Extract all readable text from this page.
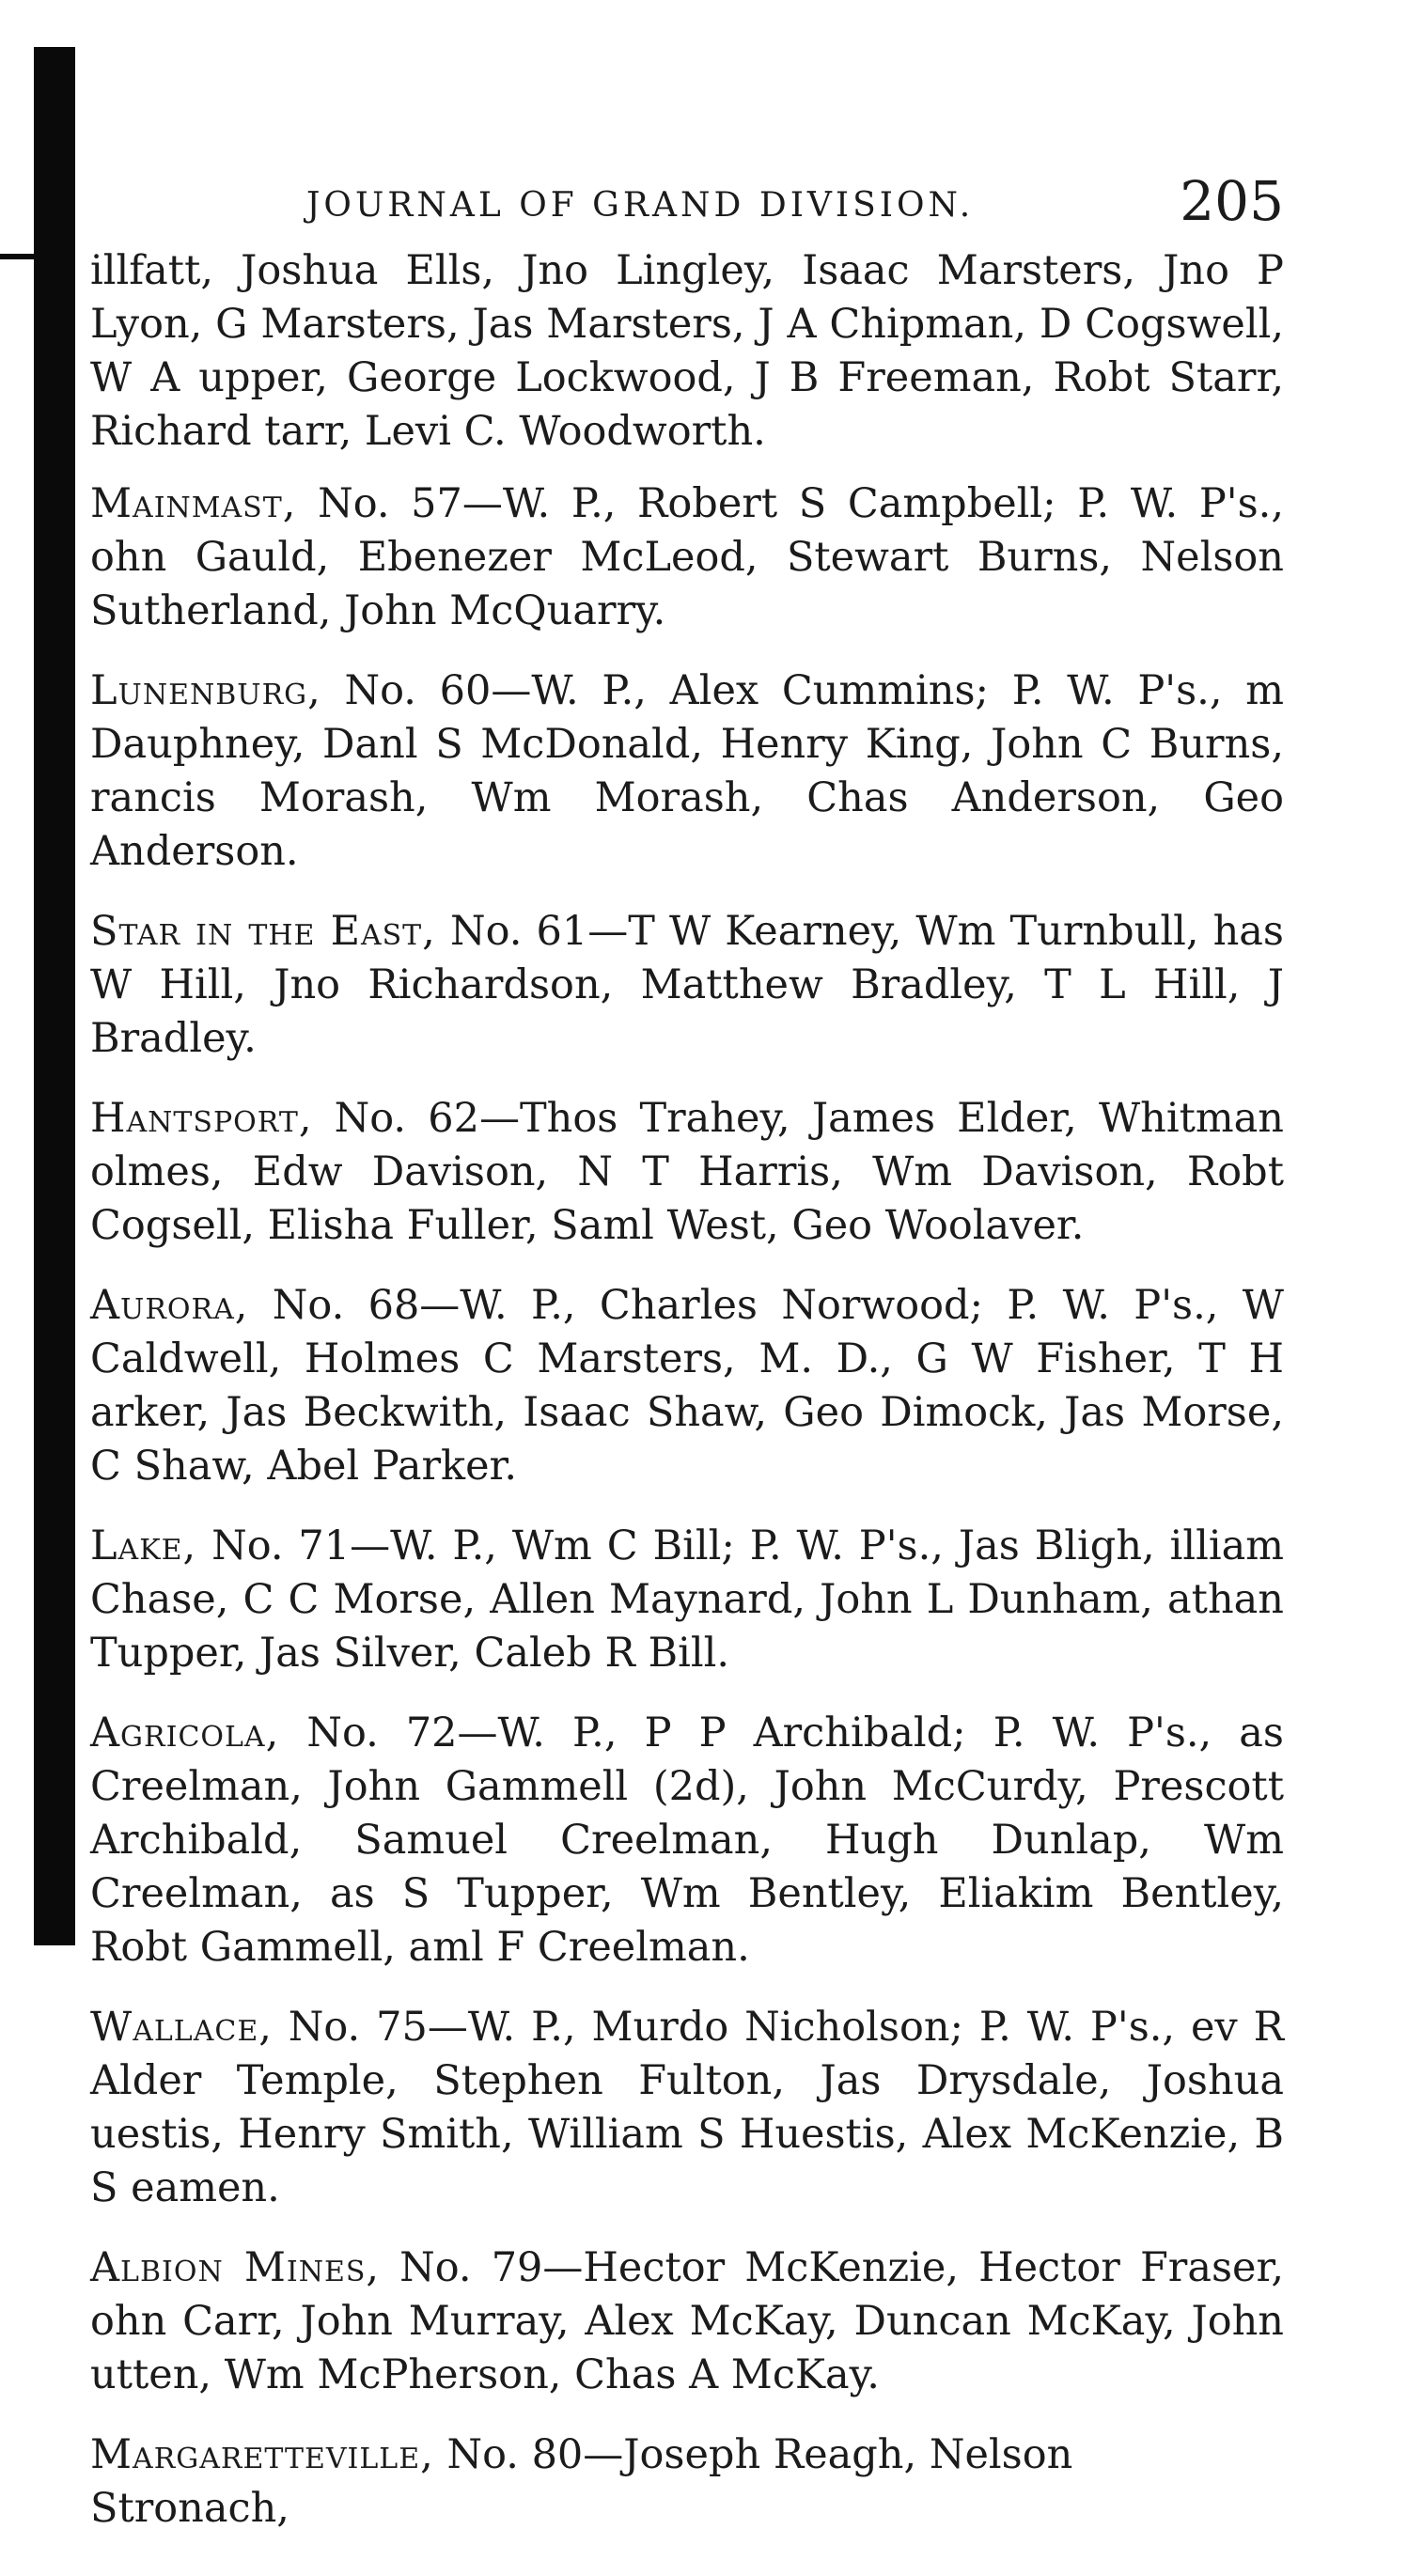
JOURNAL OF GRAND DIVISION.	205

illfatt, Joshua Ells, Jno Lingley, Isaac Marsters, Jno P Lyon, G Marsters, Jas Marsters, J A Chipman, D Cogswell, W A upper, George Lockwood, J B Freeman, Robt Starr, Richard tarr, Levi C. Woodworth.

Mainmast, No. 57—W. P., Robert S Campbell; P. W. P's., ohn Gauld, Ebenezer McLeod, Stewart Burns, Nelson Sutherland, John McQuarry.

Lunenburg, No. 60—W. P., Alex Cummins; P. W. P's., m Dauphney, Danl S McDonald, Henry King, John C Burns, rancis Morash, Wm Morash, Chas Anderson, Geo Anderson.

Star in the East, No. 61—T W Kearney, Wm Turnbull, has W Hill, Jno Richardson, Matthew Bradley, T L Hill, J Bradley.

Hantsport, No. 62—Thos Trahey, James Elder, Whitman olmes, Edw Davison, N T Harris, Wm Davison, Robt Cogsell, Elisha Fuller, Saml West, Geo Woolaver.

Aurora, No. 68—W. P., Charles Norwood; P. W. P's., W Caldwell, Holmes C Marsters, M. D., G W Fisher, T H arker, Jas Beckwith, Isaac Shaw, Geo Dimock, Jas Morse, C Shaw, Abel Parker.

Lake, No. 71—W. P., Wm C Bill; P. W. P's., Jas Bligh, illiam Chase, C C Morse, Allen Maynard, John L Dunham, athan Tupper, Jas Silver, Caleb R Bill.

Agricola, No. 72—W. P., P P Archibald; P. W. P's., as Creelman, John Gammell (2d), John McCurdy, Prescott Archibald, Samuel Creelman, Hugh Dunlap, Wm Creelman, as S Tupper, Wm Bentley, Eliakim Bentley, Robt Gammell, aml F Creelman.

Wallace, No. 75—W. P., Murdo Nicholson; P. W. P's., ev R Alder Temple, Stephen Fulton, Jas Drysdale, Joshua uestis, Henry Smith, William S Huestis, Alex McKenzie, B S eamen.

Albion Mines, No. 79—Hector McKenzie, Hector Fraser, ohn Carr, John Murray, Alex McKay, Duncan McKay, John utten, Wm McPherson, Chas A McKay.

Margaretteville, No. 80—Joseph Reagh, Nelson Stronach,
